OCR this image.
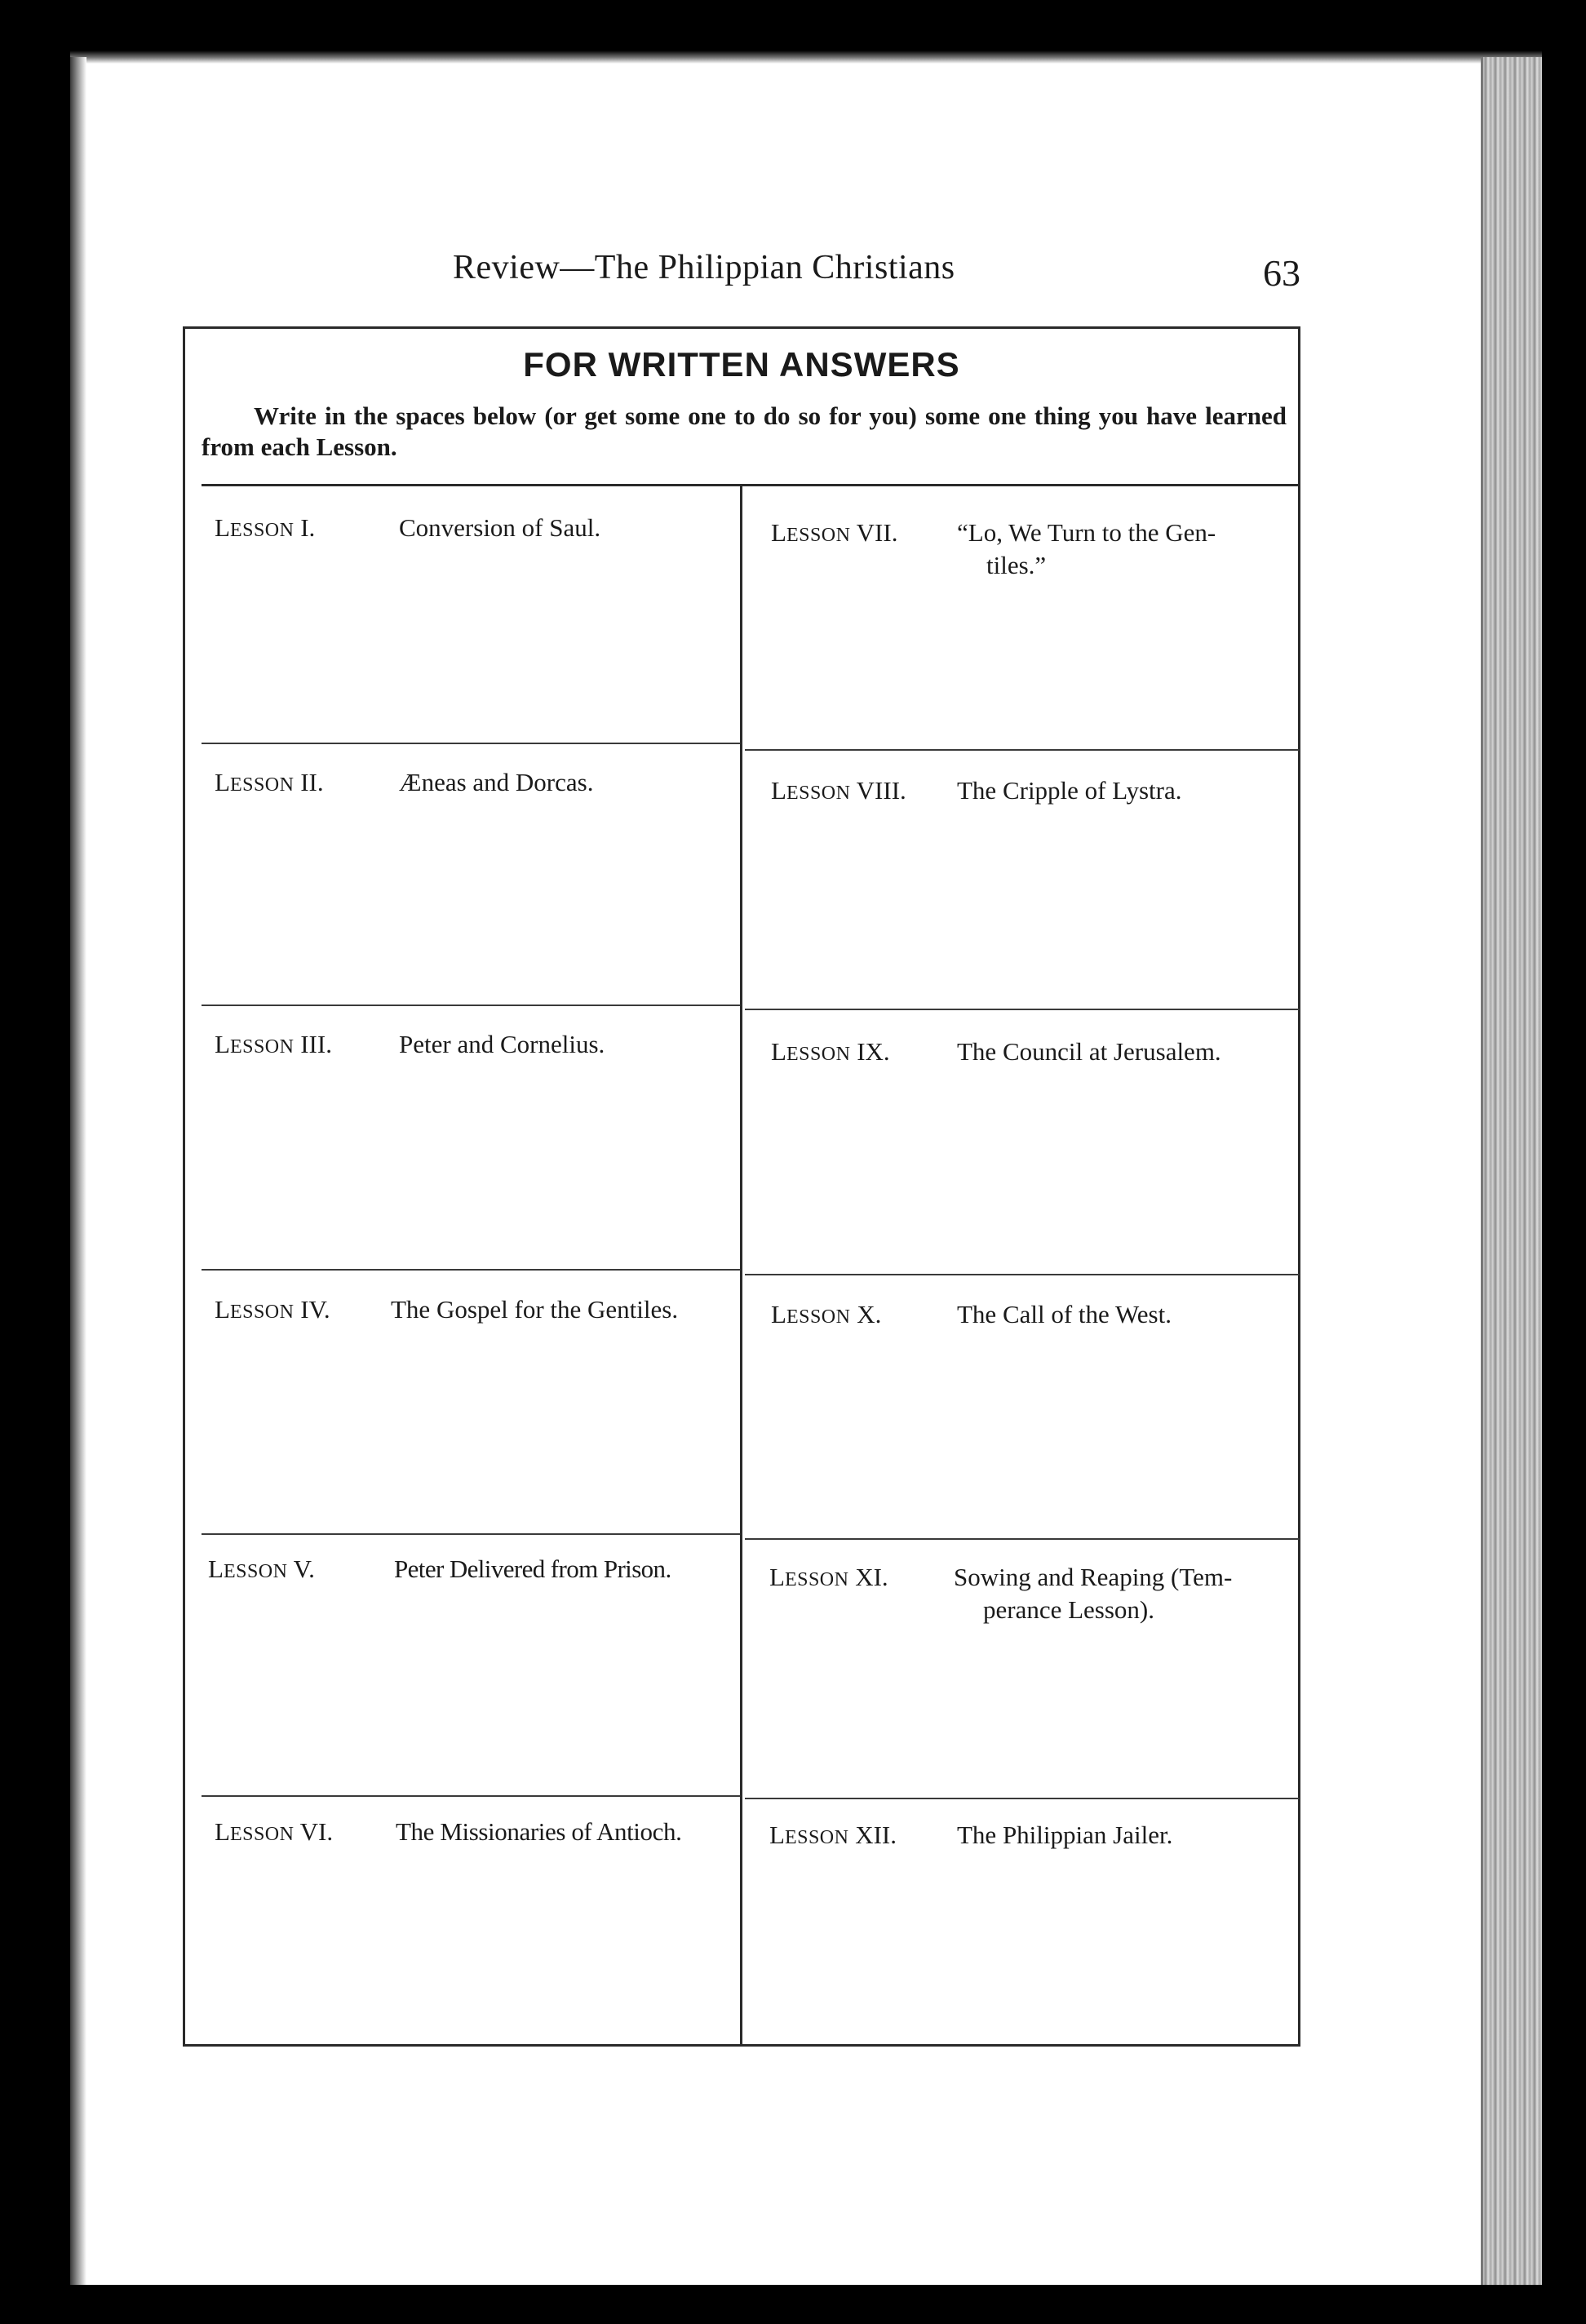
Review—The Philippian Christians	63
FOR WRITTEN ANSWERS
Write in the spaces below (or get some one to do so for you) some one thing you have learned from each Lesson.
LESSON I.	Conversion of Saul.
LESSON II.	Æneas and Dorcas.
LESSON III.	Peter and Cornelius.
LESSON IV. The Gospel for the Gentiles.
LESSON V.	Peter Delivered from Prison.
LESSON VI. The Missionaries of Antioch.
LESSON VII. “Lo, We Turn to the Gen-
tiles.”
LESSON VIII. The Cripple of Lystra.
LESSON IX.	The Council at Jerusalem.
LESSON X.	The Call of the West.
LESSON XI.	Sowing and Reaping (Tem-
perance Lesson).
LESSON XII. The Philippian Jailer.
